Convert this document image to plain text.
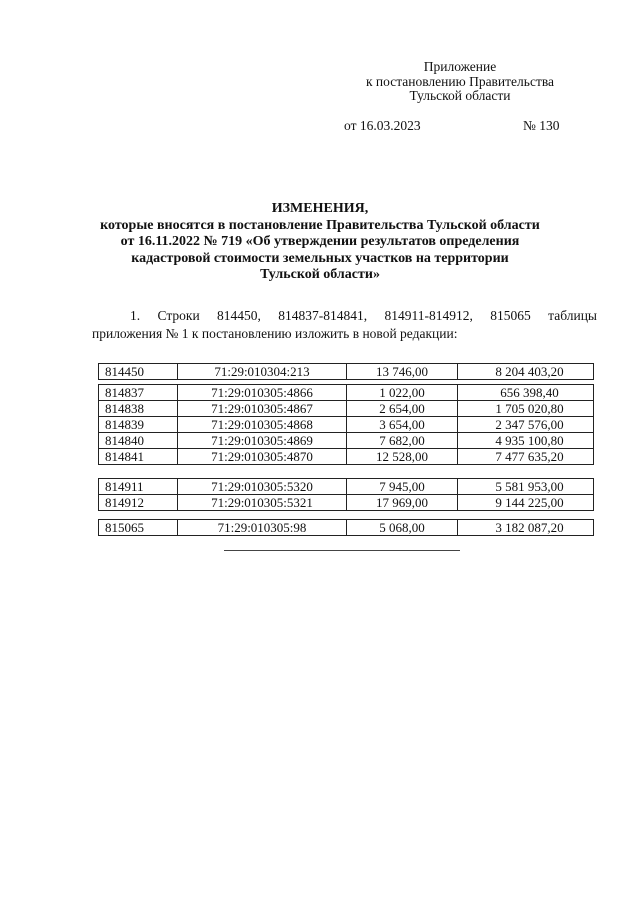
Приложение
к постановлению Правительства
Тульской области
от 16.03.2023	№ 130
ИЗМЕНЕНИЯ,
которые вносятся в постановление Правительства Тульской области
от 16.11.2022 № 719 «Об утверждении результатов определения
кадастровой стоимости земельных участков на территории
Тульской области»
1. Строки 814450, 814837-814841, 814911-814912, 815065 таблицы
приложения № 1 к постановлению изложить в новой редакции:
814450	71:29:010304:213	13 746,00	8 204 403,20
814837	71:29:010305:4866	1 022,00	656 398,40
814838	71:29:010305:4867	2 654,00	1 705 020,80
814839	71:29:010305:4868	3 654,00	2 347 576,00
814840	71:29:010305:4869	7 682,00	4 935 100,80
814841	71:29:010305:4870	12 528,00	7 477 635,20
814911	71:29:010305:5320	7 945,00	5 581 953,00
814912	71:29:010305:5321	17 969,00	9 144 225,00
815065	71:29:010305:98	5 068,00	3 182 087,20
